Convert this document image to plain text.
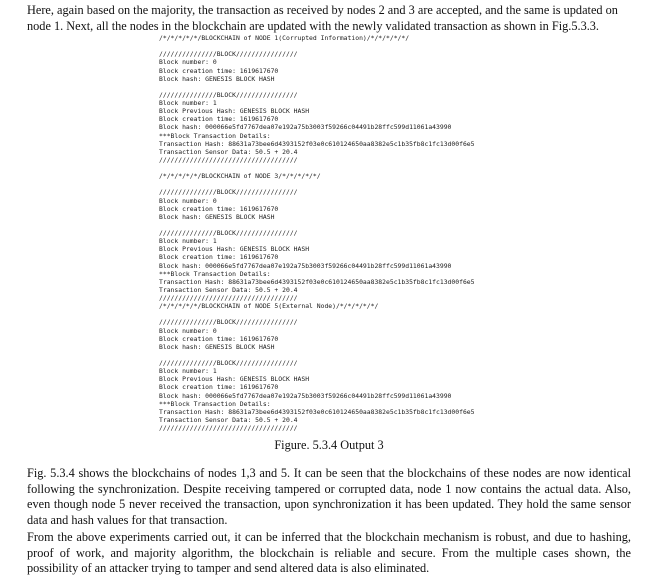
Here, again based on the majority, the transaction as received by nodes 2 and 3 are accepted, and the same is updated on node 1. Next, all the nodes in the blockchain are updated with the newly validated transaction as shown in Fig.5.3.3.

/*/*/*/*/*/BLOCKCHAIN of NODE 1(Corrupted Information)/*/*/*/*/*/

///////////////BLOCK////////////////
Block number: 0
Block creation time: 1619617670
Block hash: GENESIS BLOCK HASH

///////////////BLOCK////////////////
Block number: 1
Block Previous Hash: GENESIS BLOCK HASH
Block creation time: 1619617670
Block hash: 000066e5fd7767dea07e192a75b3003f59266c04491b28ffc599d11061a43990
***Block Transaction Details:
Transaction Hash: 88631a73bee6d4393152f03e0c610124650aa8382e5c1b35fb8c1fc13d00f6e5
Transaction Sensor Data: 50.5 + 20.4
////////////////////////////////////

/*/*/*/*/*/BLOCKCHAIN of NODE 3/*/*/*/*/*/

///////////////BLOCK////////////////
Block number: 0
Block creation time: 1619617670
Block hash: GENESIS BLOCK HASH

///////////////BLOCK////////////////
Block number: 1
Block Previous Hash: GENESIS BLOCK HASH
Block creation time: 1619617670
Block hash: 000066e5fd7767dea07e192a75b3003f59266c04491b28ffc599d11061a43990
***Block Transaction Details:
Transaction Hash: 88631a73bee6d4393152f03e0c610124650aa8382e5c1b35fb8c1fc13d00f6e5
Transaction Sensor Data: 50.5 + 20.4
////////////////////////////////////
/*/*/*/*/*/BLOCKCHAIN of NODE 5(External Node)/*/*/*/*/*/

///////////////BLOCK////////////////
Block number: 0
Block creation time: 1619617670
Block hash: GENESIS BLOCK HASH

///////////////BLOCK////////////////
Block number: 1
Block Previous Hash: GENESIS BLOCK HASH
Block creation time: 1619617670
Block hash: 000066e5fd7767dea07e192a75b3003f59266c04491b28ffc599d11061a43990
***Block Transaction Details:
Transaction Hash: 88631a73bee6d4393152f03e0c610124650aa8382e5c1b35fb8c1fc13d00f6e5
Transaction Sensor Data: 50.5 + 20.4
////////////////////////////////////

Figure. 5.3.4 Output 3

Fig. 5.3.4 shows the blockchains of nodes 1,3 and 5. It can be seen that the blockchains of these nodes are now identical following the synchronization. Despite receiving tampered or corrupted data, node 1 now contains the actual data. Also, even though node 5 never received the transaction, upon synchronization it has been updated. They hold the same sensor data and hash values for that transaction.

From the above experiments carried out, it can be inferred that the blockchain mechanism is robust, and due to hashing, proof of work, and majority algorithm, the blockchain is reliable and secure. From the multiple cases shown, the possibility of an attacker trying to tamper and send altered data is also eliminated.
